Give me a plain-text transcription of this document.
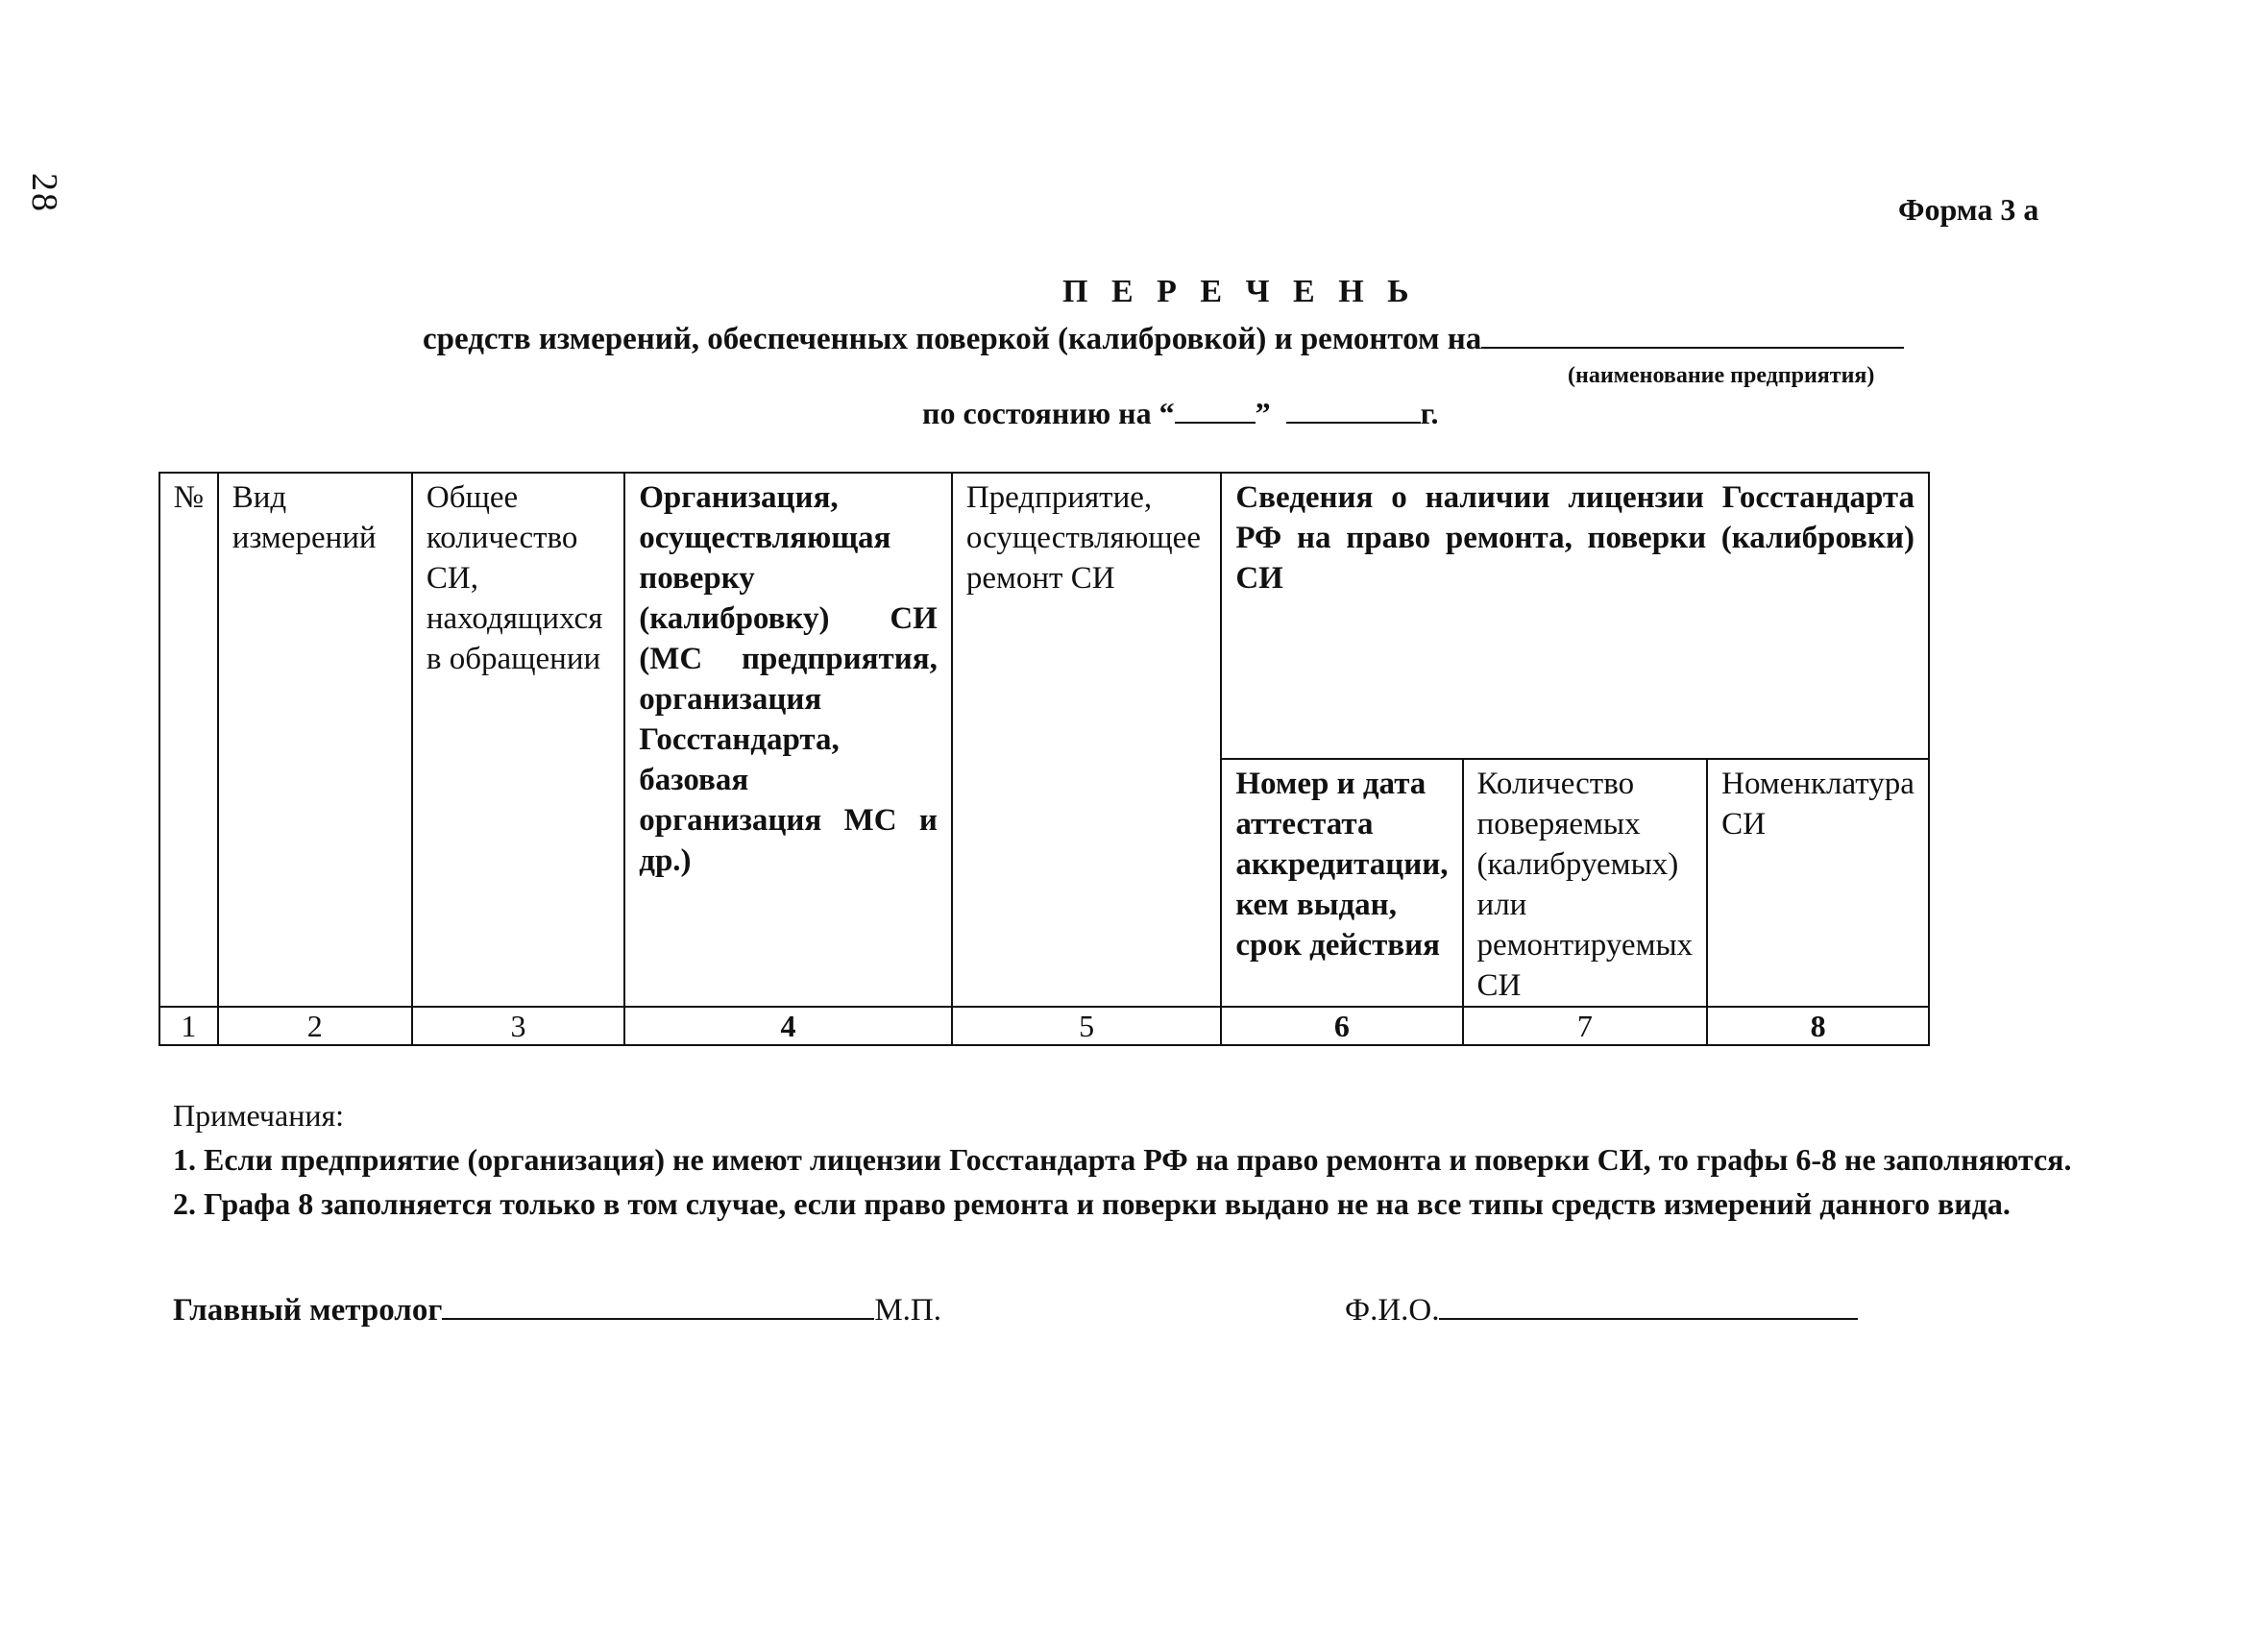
28	Форма 3 а
П Е Р Е Ч Е Н Ь
средств измерений, обеспеченных поверкой (калибровкой) и ремонтом на
(наименование предприятия)
по состоянию на “	”	г.
№	Вид измерений	Общее количество СИ, находящихся в обращении	Организация, осуществляющая поверку (калибровку) СИ (МС предприятия, организация Госстандарта, базовая организация МС и др.)	Предприятие, осуществляющее ремонт СИ	Сведения о наличии лицензии Госстандарта РФ на право ремонта, поверки (калибровки) СИ		
					Номер и дата аттестата аккредитации, кем выдан, срок действия	Количество поверяемых (калибруемых) или ремонтируемых СИ	Номенклатура СИ
1	2	3	4	5	6	7	8
Примечания:
1. Если предприятие (организация) не имеют лицензии Госстандарта РФ на право ремонта и поверки СИ, то графы 6-8 не заполняются.
2. Графа 8 заполняется только в том случае, если право ремонта и поверки выдано не на все типы средств измерений данного вида.
Главный метролог	М.П.	Ф.И.О.
